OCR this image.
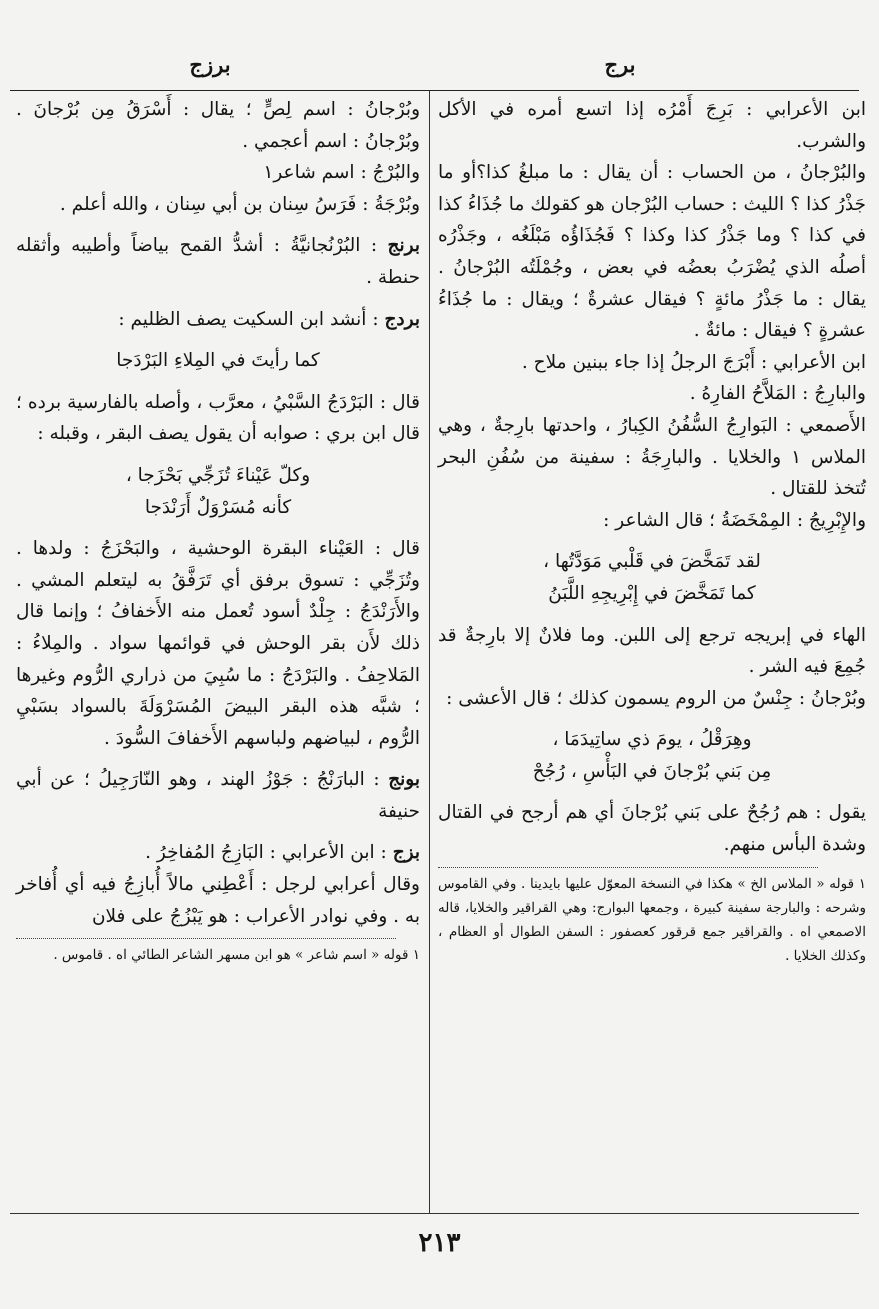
برج
برزج

ابن الأعرابي : بَرِجَ أَمْرُه إذا اتسع أمره في الأكل والشرب.

والبُرْجانُ ، من الحساب : أن يقال : ما مبلغُ كذا؟أو ما جَذْرُ كذا ؟ الليث : حساب البُرْجان هو كقولك ما جُذَاءُ كذا في كذا ؟ وما جَذْرُ كذا وكذا ؟ فَجُذَاؤُه مَبْلَغُه ، وجَذْرُه أصلُه الذي يُضْرَبُ بعضُه في بعض ، وجُمْلَتُه البُرْجانُ . يقال : ما جَذْرُ مائةٍ ؟ فيقال عشرةٌ ؛ ويقال : ما جُذَاءُ عشرةٍ ؟ فيقال : مائةٌ .

ابن الأعرابي : أَبْرَجَ الرجلُ إذا جاء ببنين ملاح .

والبارِجُ : المَلاَّحُ الفارِهُ .

الأَصمعي : البَوارِجُ السُّفُنُ الكِبارُ ، واحدتها بارِجةٌ ، وهي الملاس ١ والخلايا . والبارِجَةُ : سفينة من سُفُنِ البحر تُتخذ للقتال .

والإِبْرِيجُ : المِمْخَضَةُ ؛ قال الشاعر :

لقد تَمَخَّضَ في قَلْبي مَوَدَّتُها ،
كما تَمَخَّضَ في إِبْرِيجِهِ اللَّبَنُ

الهاء في إبريجه ترجع إلى اللبن. وما فلانٌ إلا بارِجةٌ قد جُمِعَ فيه الشر .

وبُرْجانُ : جِنْسٌ من الروم يسمون كذلك ؛ قال الأعشى :

وهِرَقْلُ ، يومَ ذي ساتِيدَمَا ،
مِن بَني بُرْجانَ في البَأْسِ ، رُجُحْ

يقول : هم رُجُحٌ على بَني بُرْجانَ أي هم أرجح في القتال وشدة البأس منهم.

١ قوله « الملاس الخ » هكذا في النسخة المعوّل عليها بايدينا . وفي القاموس وشرحه : والبارجة سفينة كبيرة ، وجمعها البوارج: وهي القراقير والخلايا، قاله الاصمعي اه . والقراقير جمع قرقور كعصفور : السفن الطوال أو العظام ، وكذلك الخلايا .

وبُرْجانُ : اسم لِصٍّ ؛ يقال : أَسْرَقُ مِن بُرْجانَ . وبُرْجانُ : اسم أعجمي .

والبُرْجُ : اسم شاعر١

وبُرْجَةُ : فَرَسُ سِنان بن أبي سِنان ، والله أعلم .

برنج : البُرْنُجانيَّةُ : أشدُّ القمح بياضاً وأطيبه وأثقله حنطة .

بردج : أنشد ابن السكيت يصف الظليم :

كما رأيتَ في المِلاءِ البَرْدَجا

قال : البَرْدَجُ السَّبْيُ ، معرَّب ، وأصله بالفارسية برده ؛ قال ابن بري : صوابه أن يقول يصف البقر ، وقبله :

وكلّ عَيْناءَ تُزَجِّي بَحْزَجا ،
كأنه مُسَرْوَلٌ أَرَنْدَجا

قال : العَيْناء البقرة الوحشية ، والبَحْزَجُ : ولدها . وتُزَجِّي : تسوق برفق أي تَرَفَّقُ به ليتعلم المشي . والأَرَنْدَجُ : جِلْدٌ أسود تُعمل منه الأَخفافُ ؛ وإنما قال ذلك لأَن بقر الوحش في قوائمها سواد . والمِلاءُ : المَلاحِفُ . والبَرْدَجُ : ما سُبِيَ من ذراري الرُّوم وغيرها ؛ شبَّه هذه البقر البيضَ المُسَرْوَلَةَ بالسواد بسَبْيِ الرُّوم ، لبياضهم ولباسهم الأَخفافَ السُّودَ .

بونج : البارَنْجُ : جَوْزُ الهند ، وهو النّارَجِيلُ ؛ عن أبي حنيفة

بزج : ابن الأعرابي : البَازِجُ المُفاخِرُ .

وقال أعرابي لرجل : أَعْطِني مالاً أُبازِجُ فيه أي أُفاخر به . وفي نوادر الأعراب : هو يَبْزُجُ على فلان

١ قوله « اسم شاعر » هو ابن مسهر الشاعر الطائي اه . قاموس .

٢١٣
